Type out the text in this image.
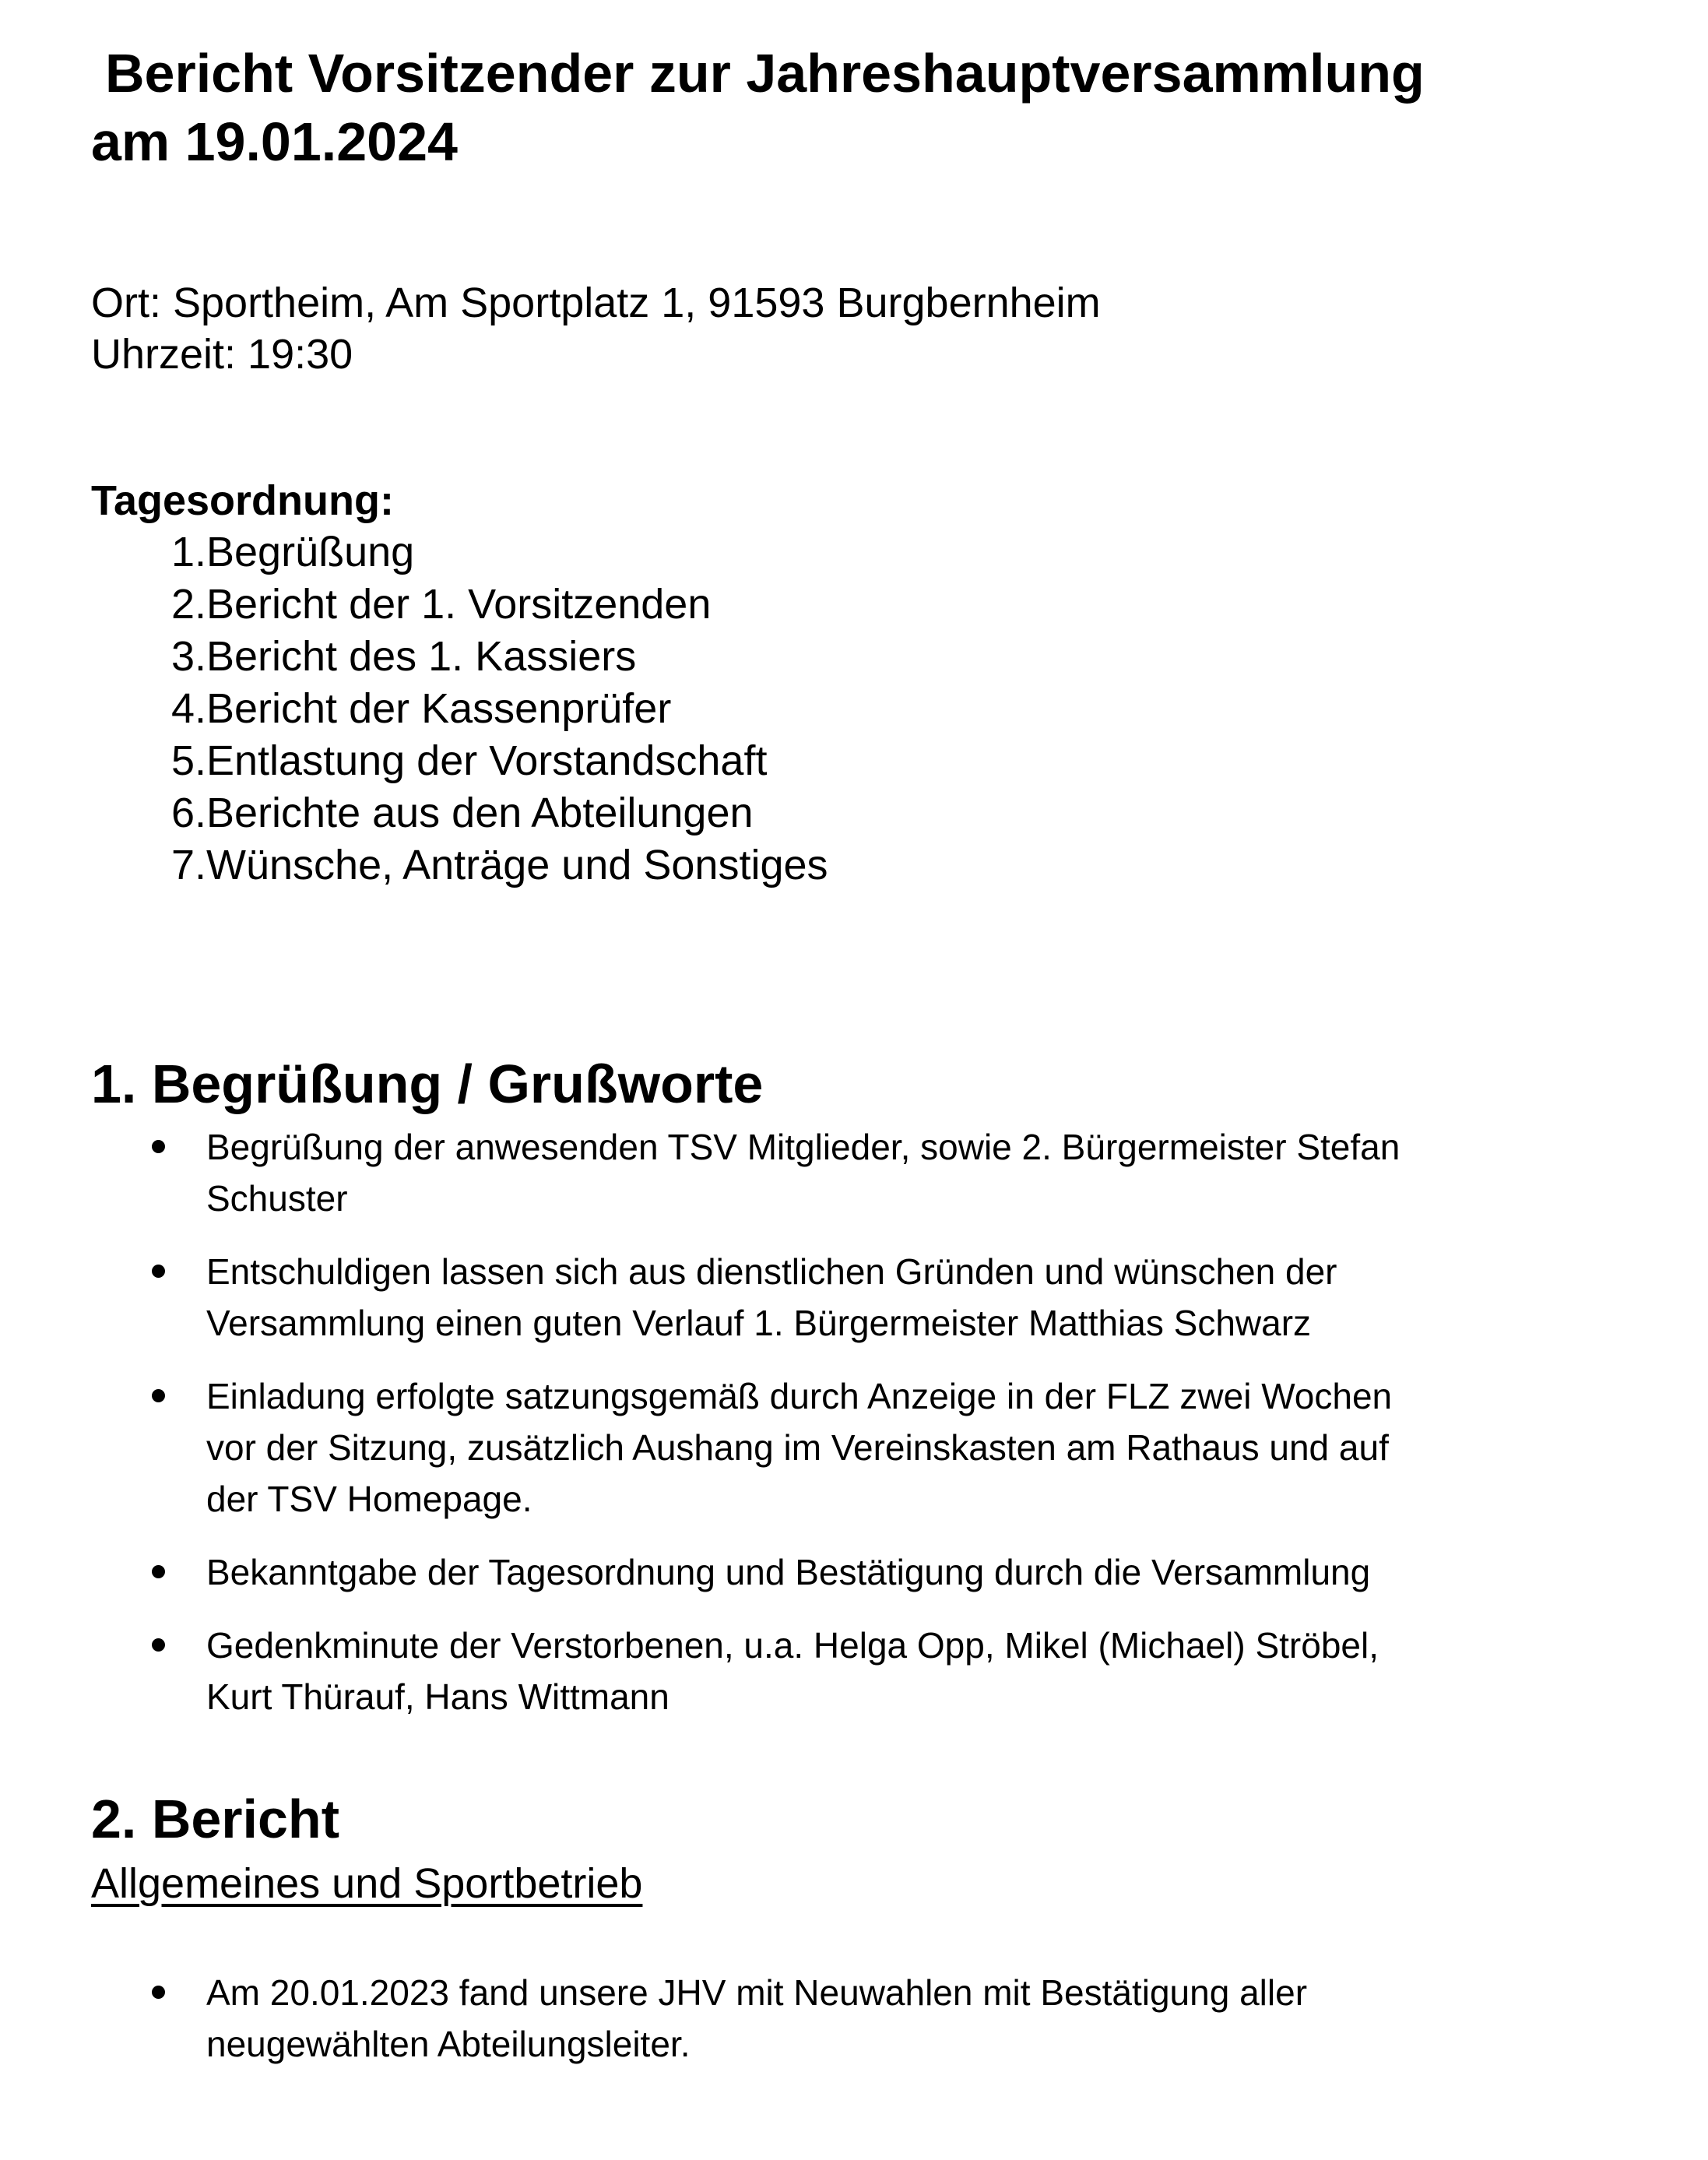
Bericht Vorsitzender zur Jahreshauptversammlung
am 19.01.2024
Ort: Sportheim, Am Sportplatz 1, 91593 Burgbernheim
Uhrzeit: 19:30
Tagesordnung:
1. Begrüßung
2. Bericht der 1. Vorsitzenden
3. Bericht des 1. Kassiers
4. Bericht der Kassenprüfer
5. Entlastung der Vorstandschaft
6. Berichte aus den Abteilungen
7. Wünsche, Anträge und Sonstiges
1. Begrüßung / Grußworte
Begrüßung der anwesenden TSV Mitglieder, sowie 2. Bürgermeister Stefan
Schuster
Entschuldigen lassen sich aus dienstlichen Gründen und wünschen der
Versammlung einen guten Verlauf 1. Bürgermeister Matthias Schwarz
Einladung erfolgte satzungsgemäß durch Anzeige in der FLZ zwei Wochen
vor der Sitzung, zusätzlich Aushang im Vereinskasten am Rathaus und auf
der TSV Homepage.
Bekanntgabe der Tagesordnung und Bestätigung durch die Versammlung
Gedenkminute der Verstorbenen, u.a. Helga Opp, Mikel (Michael) Ströbel,
Kurt Thürauf, Hans Wittmann
2. Bericht
Allgemeines und Sportbetrieb
Am 20.01.2023 fand unsere JHV mit Neuwahlen mit Bestätigung aller
neugewählten Abteilungsleiter.
